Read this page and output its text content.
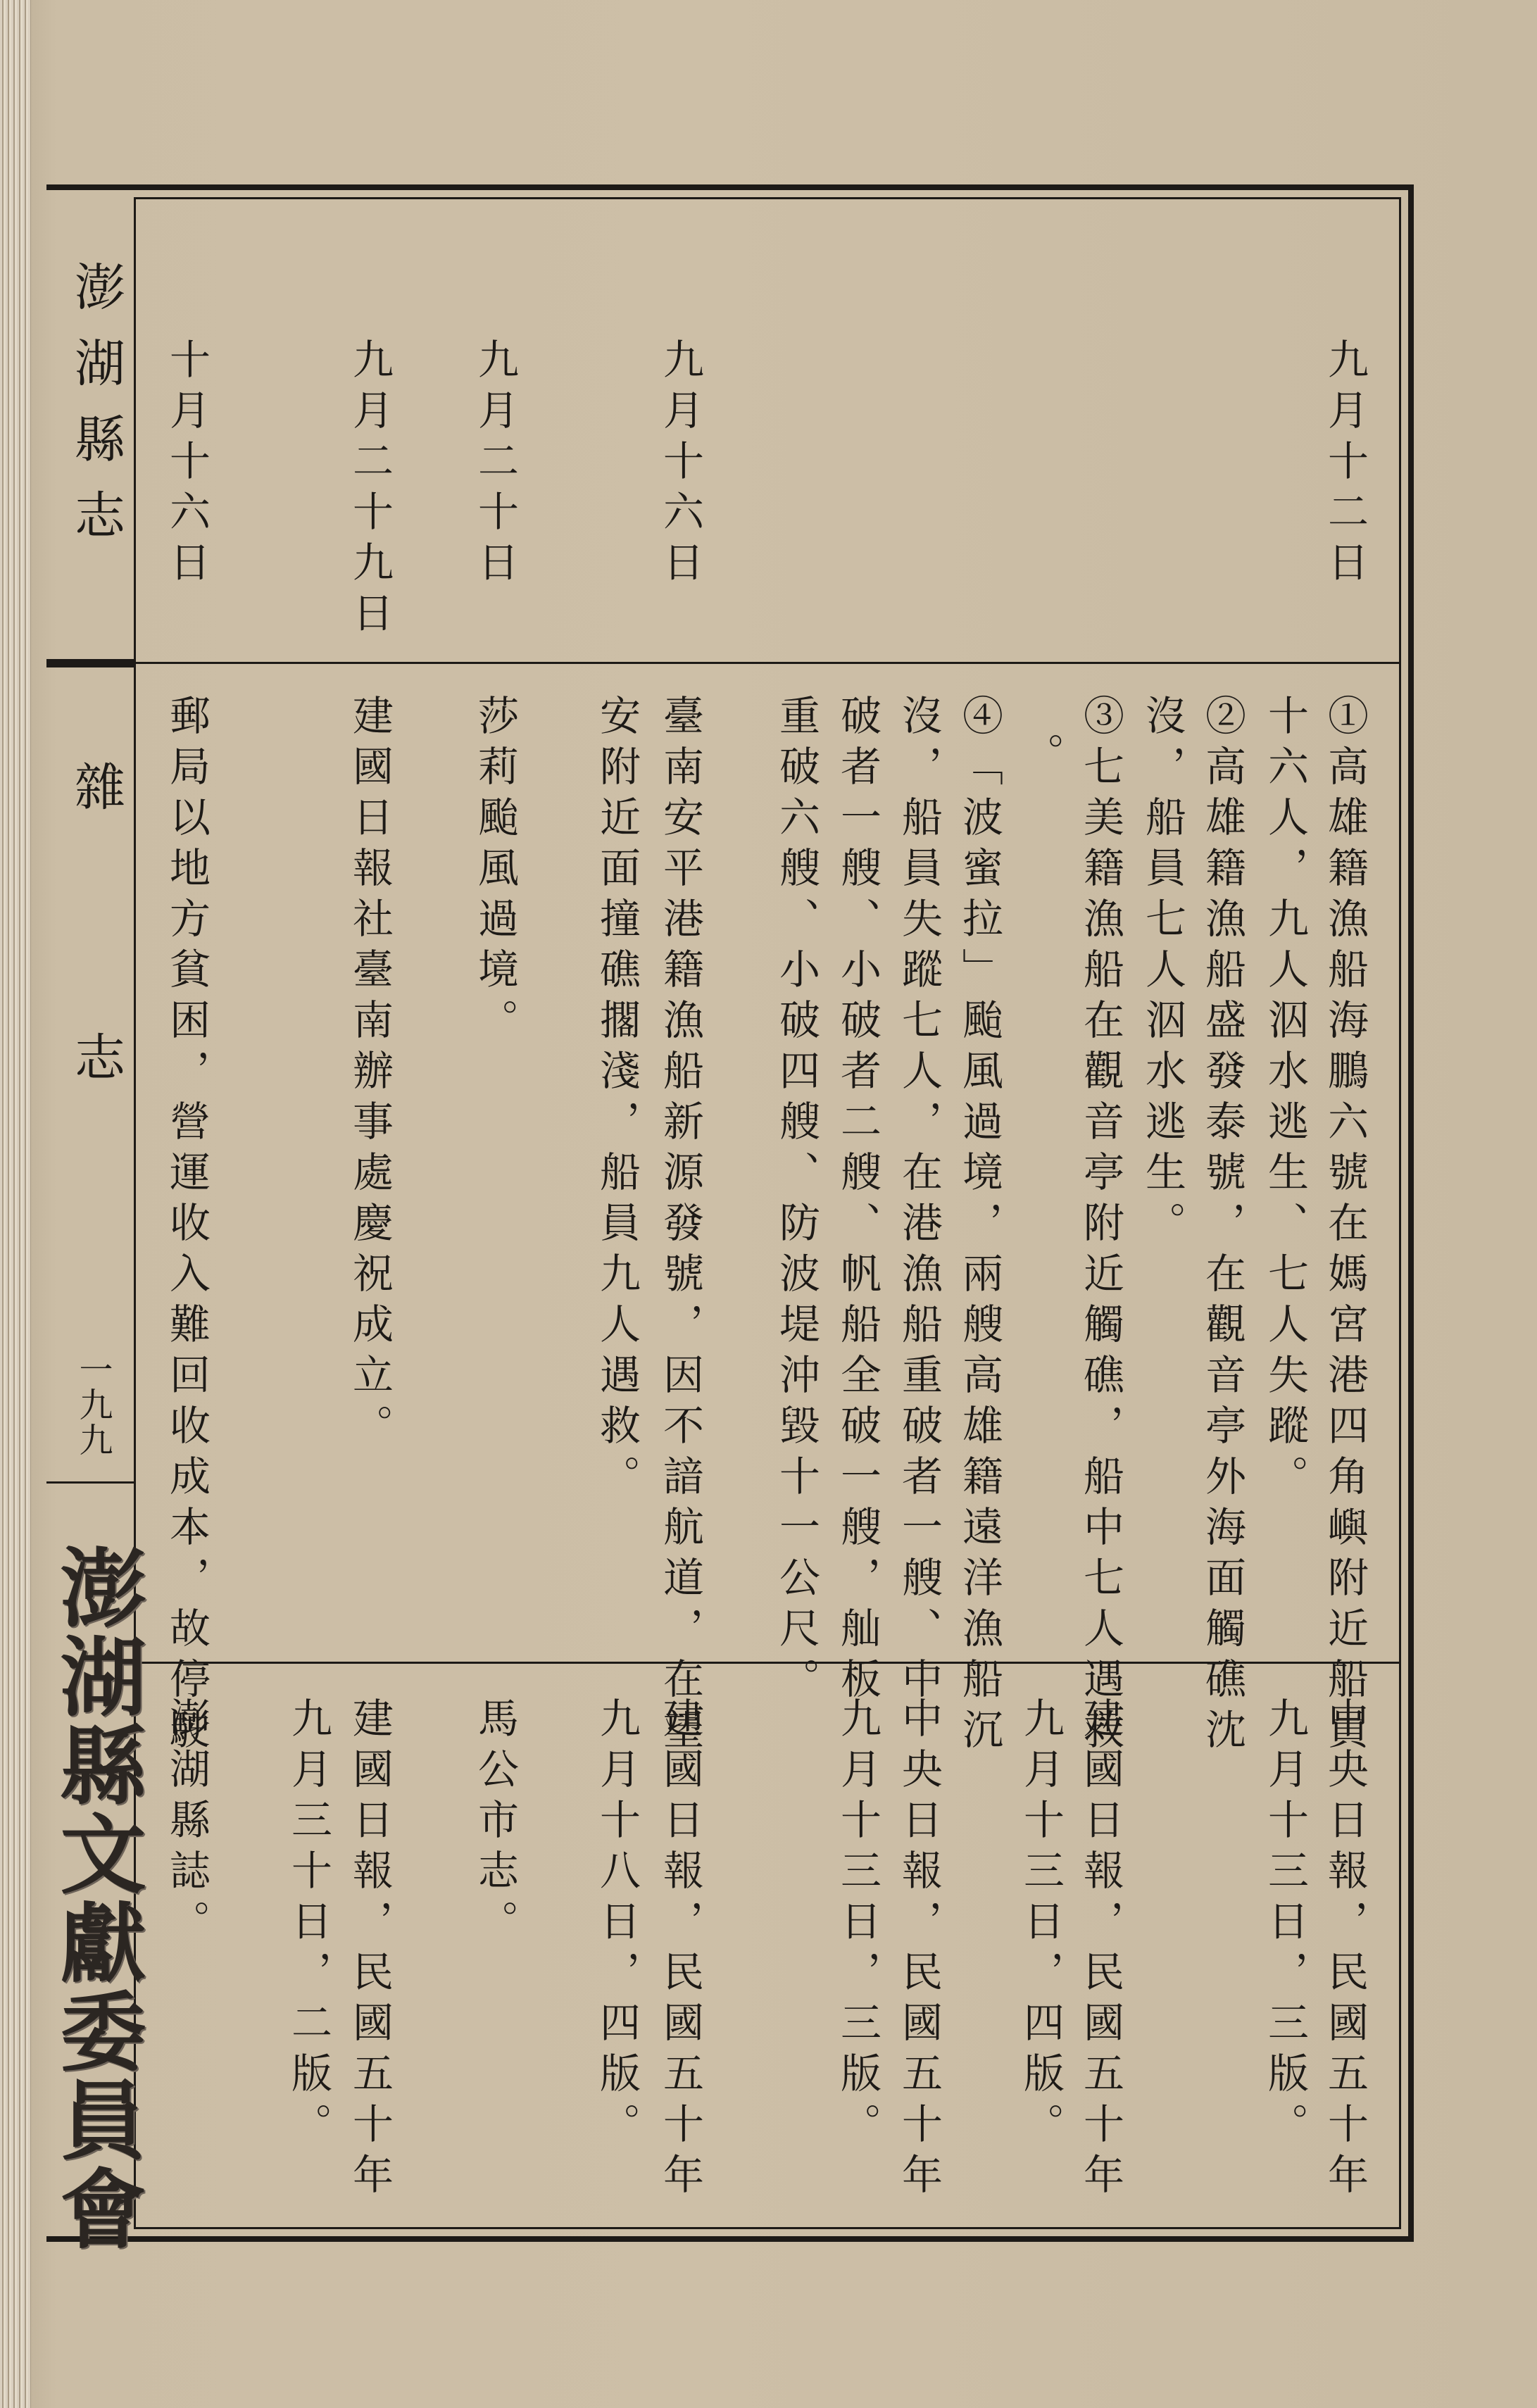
澎湖縣志
雜　志
一九九
澎湖縣文獻委員會
九月十二日
九月十六日
九月二十日
九月二十九日
十月十六日
①高雄籍漁船海鵬六號在媽宮港四角嶼附近船員
十六人，九人泅水逃生、七人失蹤。
②高雄籍漁船盛發泰號，在觀音亭外海面觸礁沈
沒，船員七人泅水逃生。
③七美籍漁船在觀音亭附近觸礁，船中七人遇救
。
④「波蜜拉」颱風過境，兩艘高雄籍遠洋漁船沉
沒，船員失蹤七人，在港漁船重破者一艘、中
破者一艘、小破者二艘、帆船全破一艘，舢板
重破六艘、小破四艘、防波堤沖毀十一公尺。
臺南安平港籍漁船新源發號，因不諳航道，在望
安附近面撞礁擱淺，船員九人遇救。
莎莉颱風過境。
建國日報社臺南辦事處慶祝成立。
郵局以地方貧困，營運收入難回收成本，故停駛
中央日報，民國五十年
九月十三日，三版。
建國日報，民國五十年
九月十三日，四版。
中央日報，民國五十年
九月十三日，三版。
建國日報，民國五十年
九月十八日，四版。
馬公市志。
建國日報，民國五十年
九月三十日，二版。
澎湖縣誌。
